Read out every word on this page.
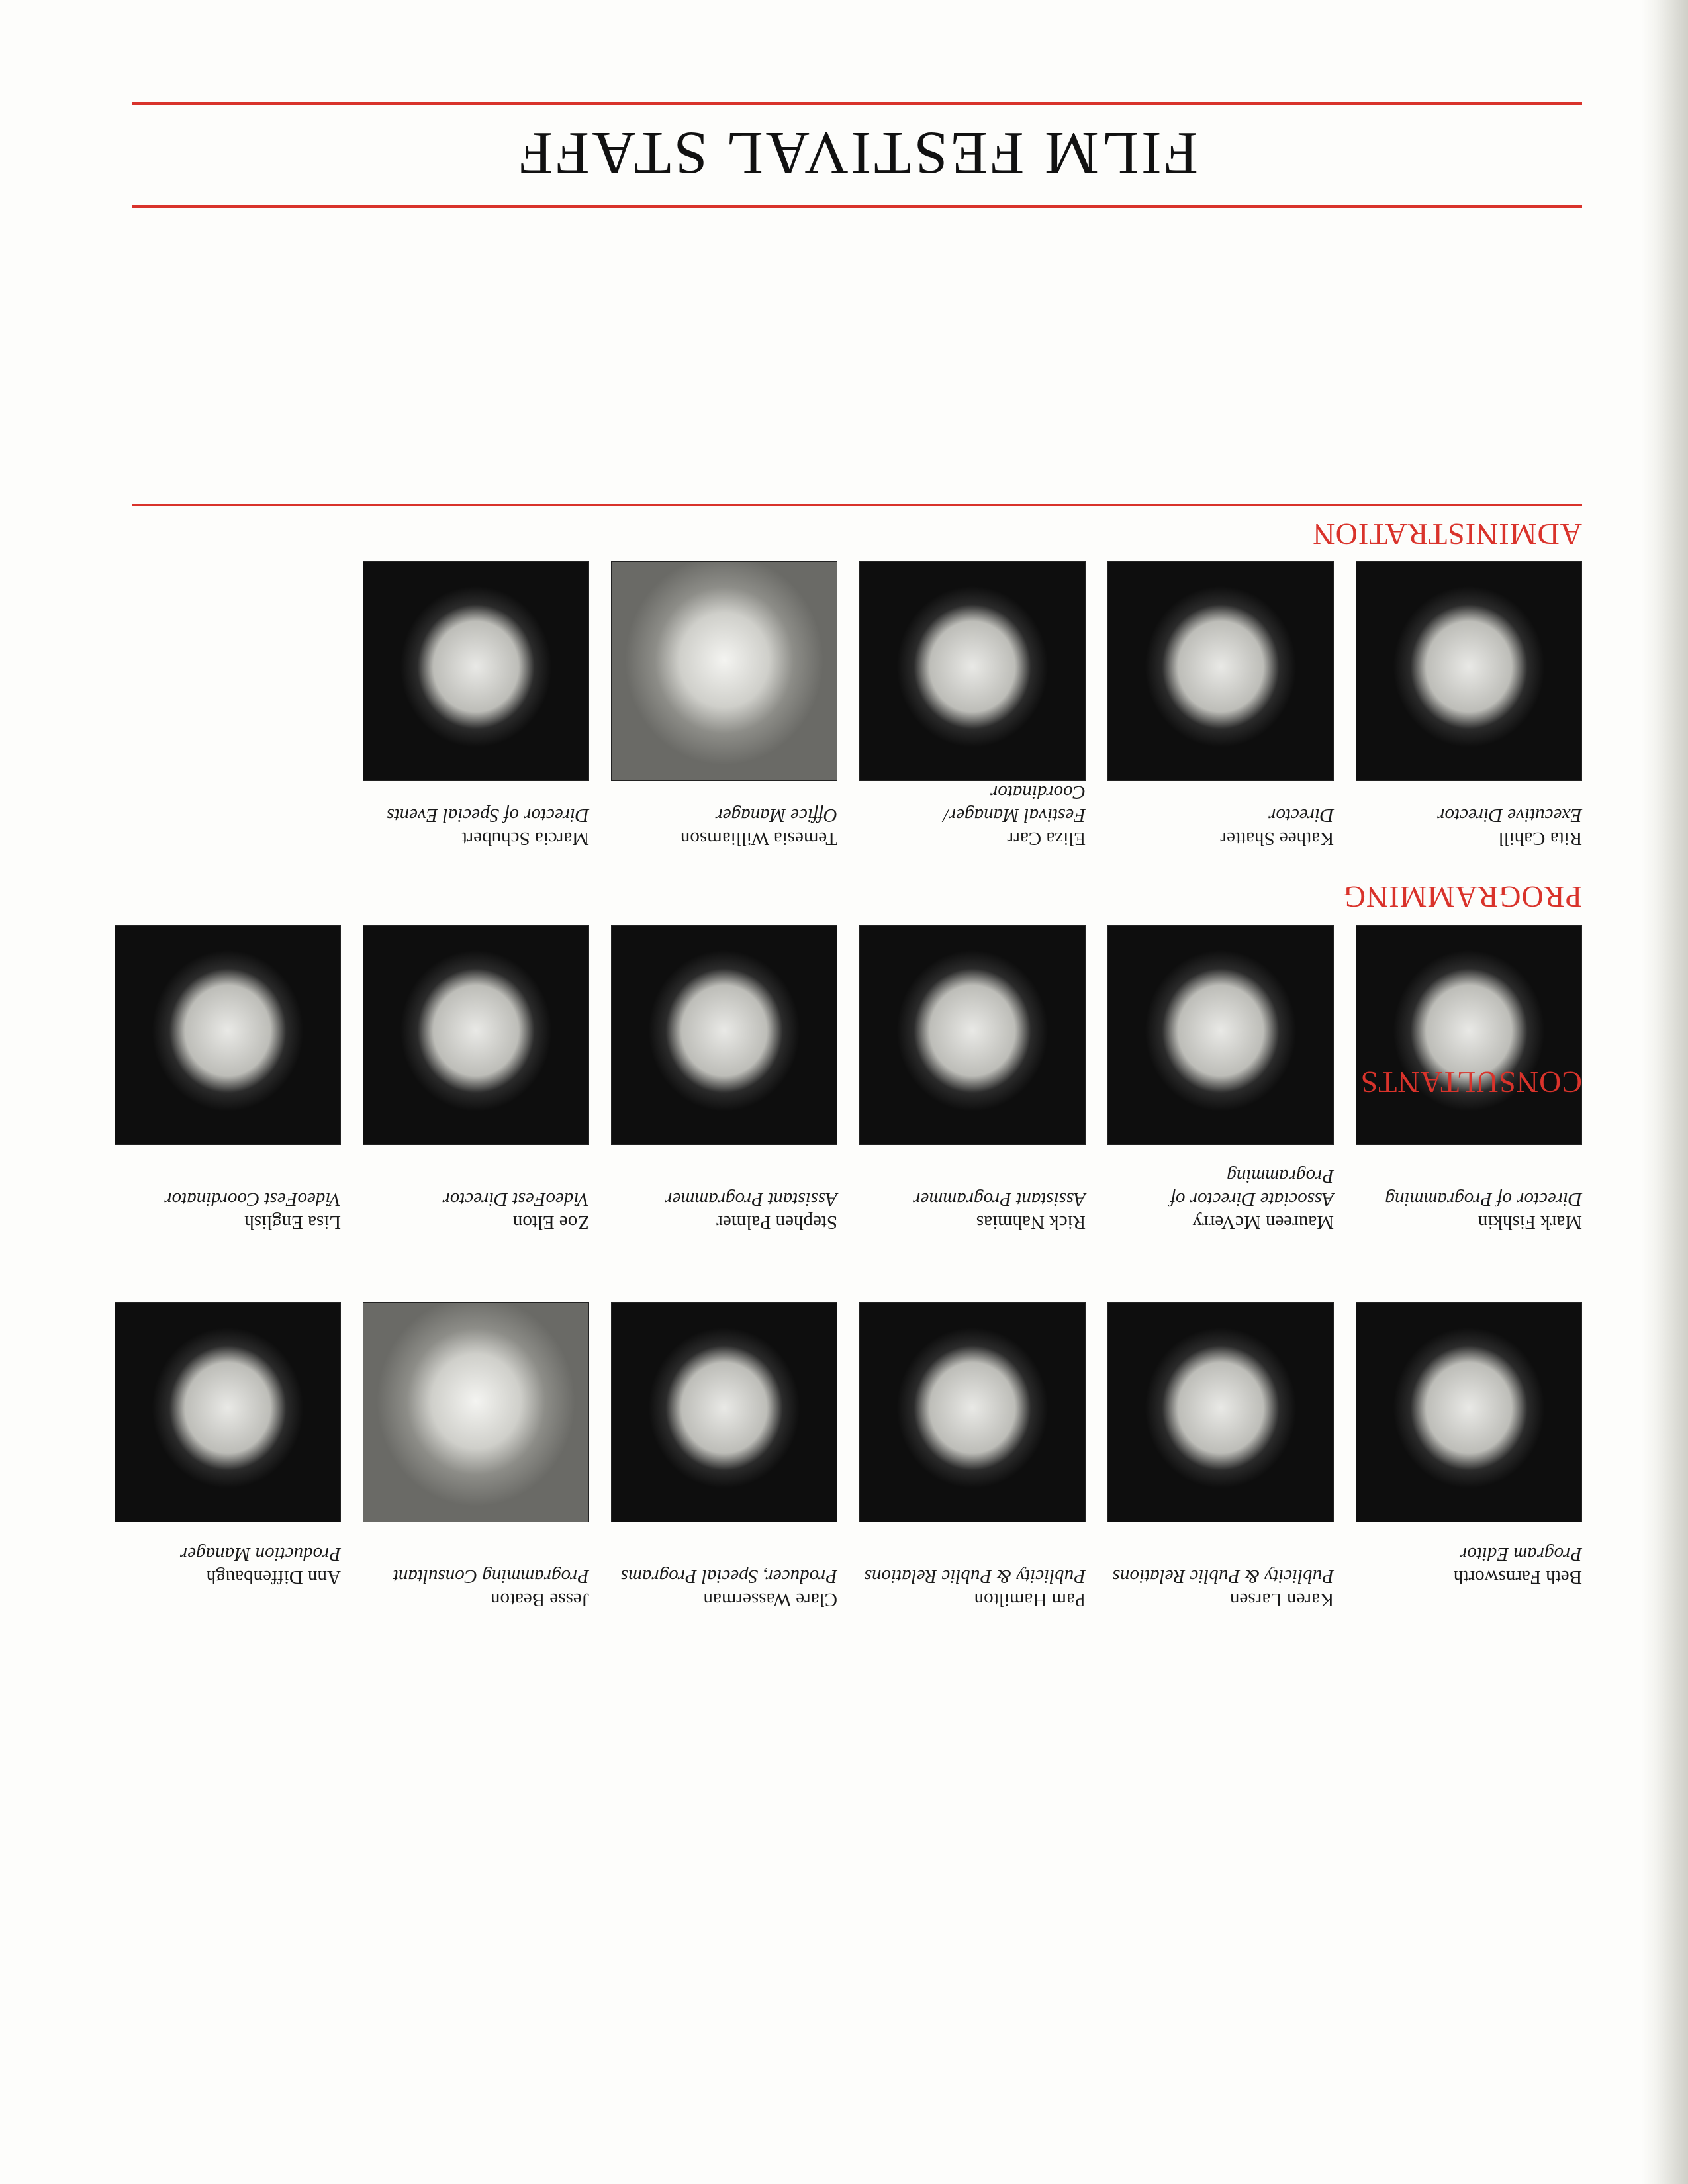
FILM FESTIVAL STAFF
ADMINISTRATION
Rita Cahill
Executive Director
Kathee Shatter
Director
Eliza Carr
Festival Manager/ Coordinator
Temesia Williamson
Office Manager
Marcia Schubert
Director of Special Events
PROGRAMMING
Mark Fishkin
Director of Programming
Maureen McVerry
Associate Director of Programming
Rick Nahmias
Assistant Programmer
Stephen Palmer
Assistant Programmer
Zoe Elton
VideoFest Director
Lisa English
VideoFest Coordinator
CONSULTANTS
Beth Farnsworth
Program Editor
Karen Larsen
Publicity & Public Relations
Pam Hamilton
Publicity & Public Relations
Clare Wasserman
Producer, Special Programs
Jesse Beaton
Programming Consultant
Ann Diffenbaugh
Production Manager
